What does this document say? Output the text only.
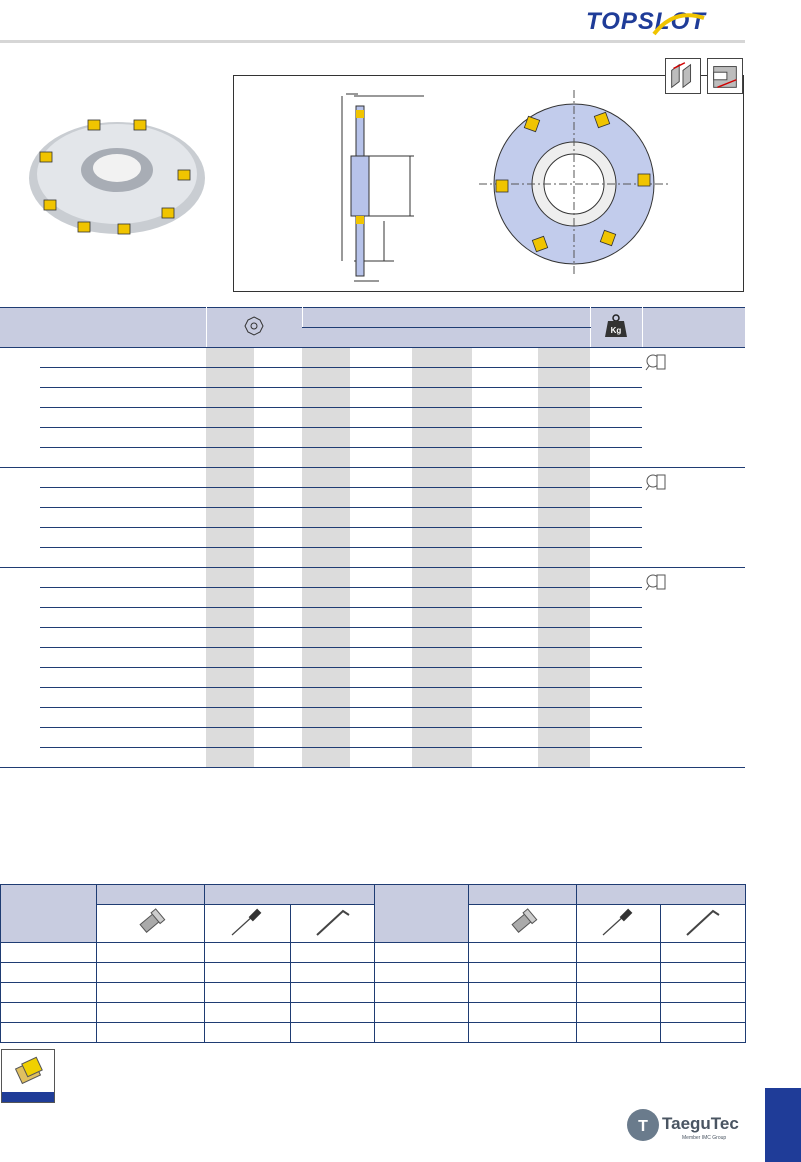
TOPSLOT

Kg	

T TaeguTec
Member IMC Group
